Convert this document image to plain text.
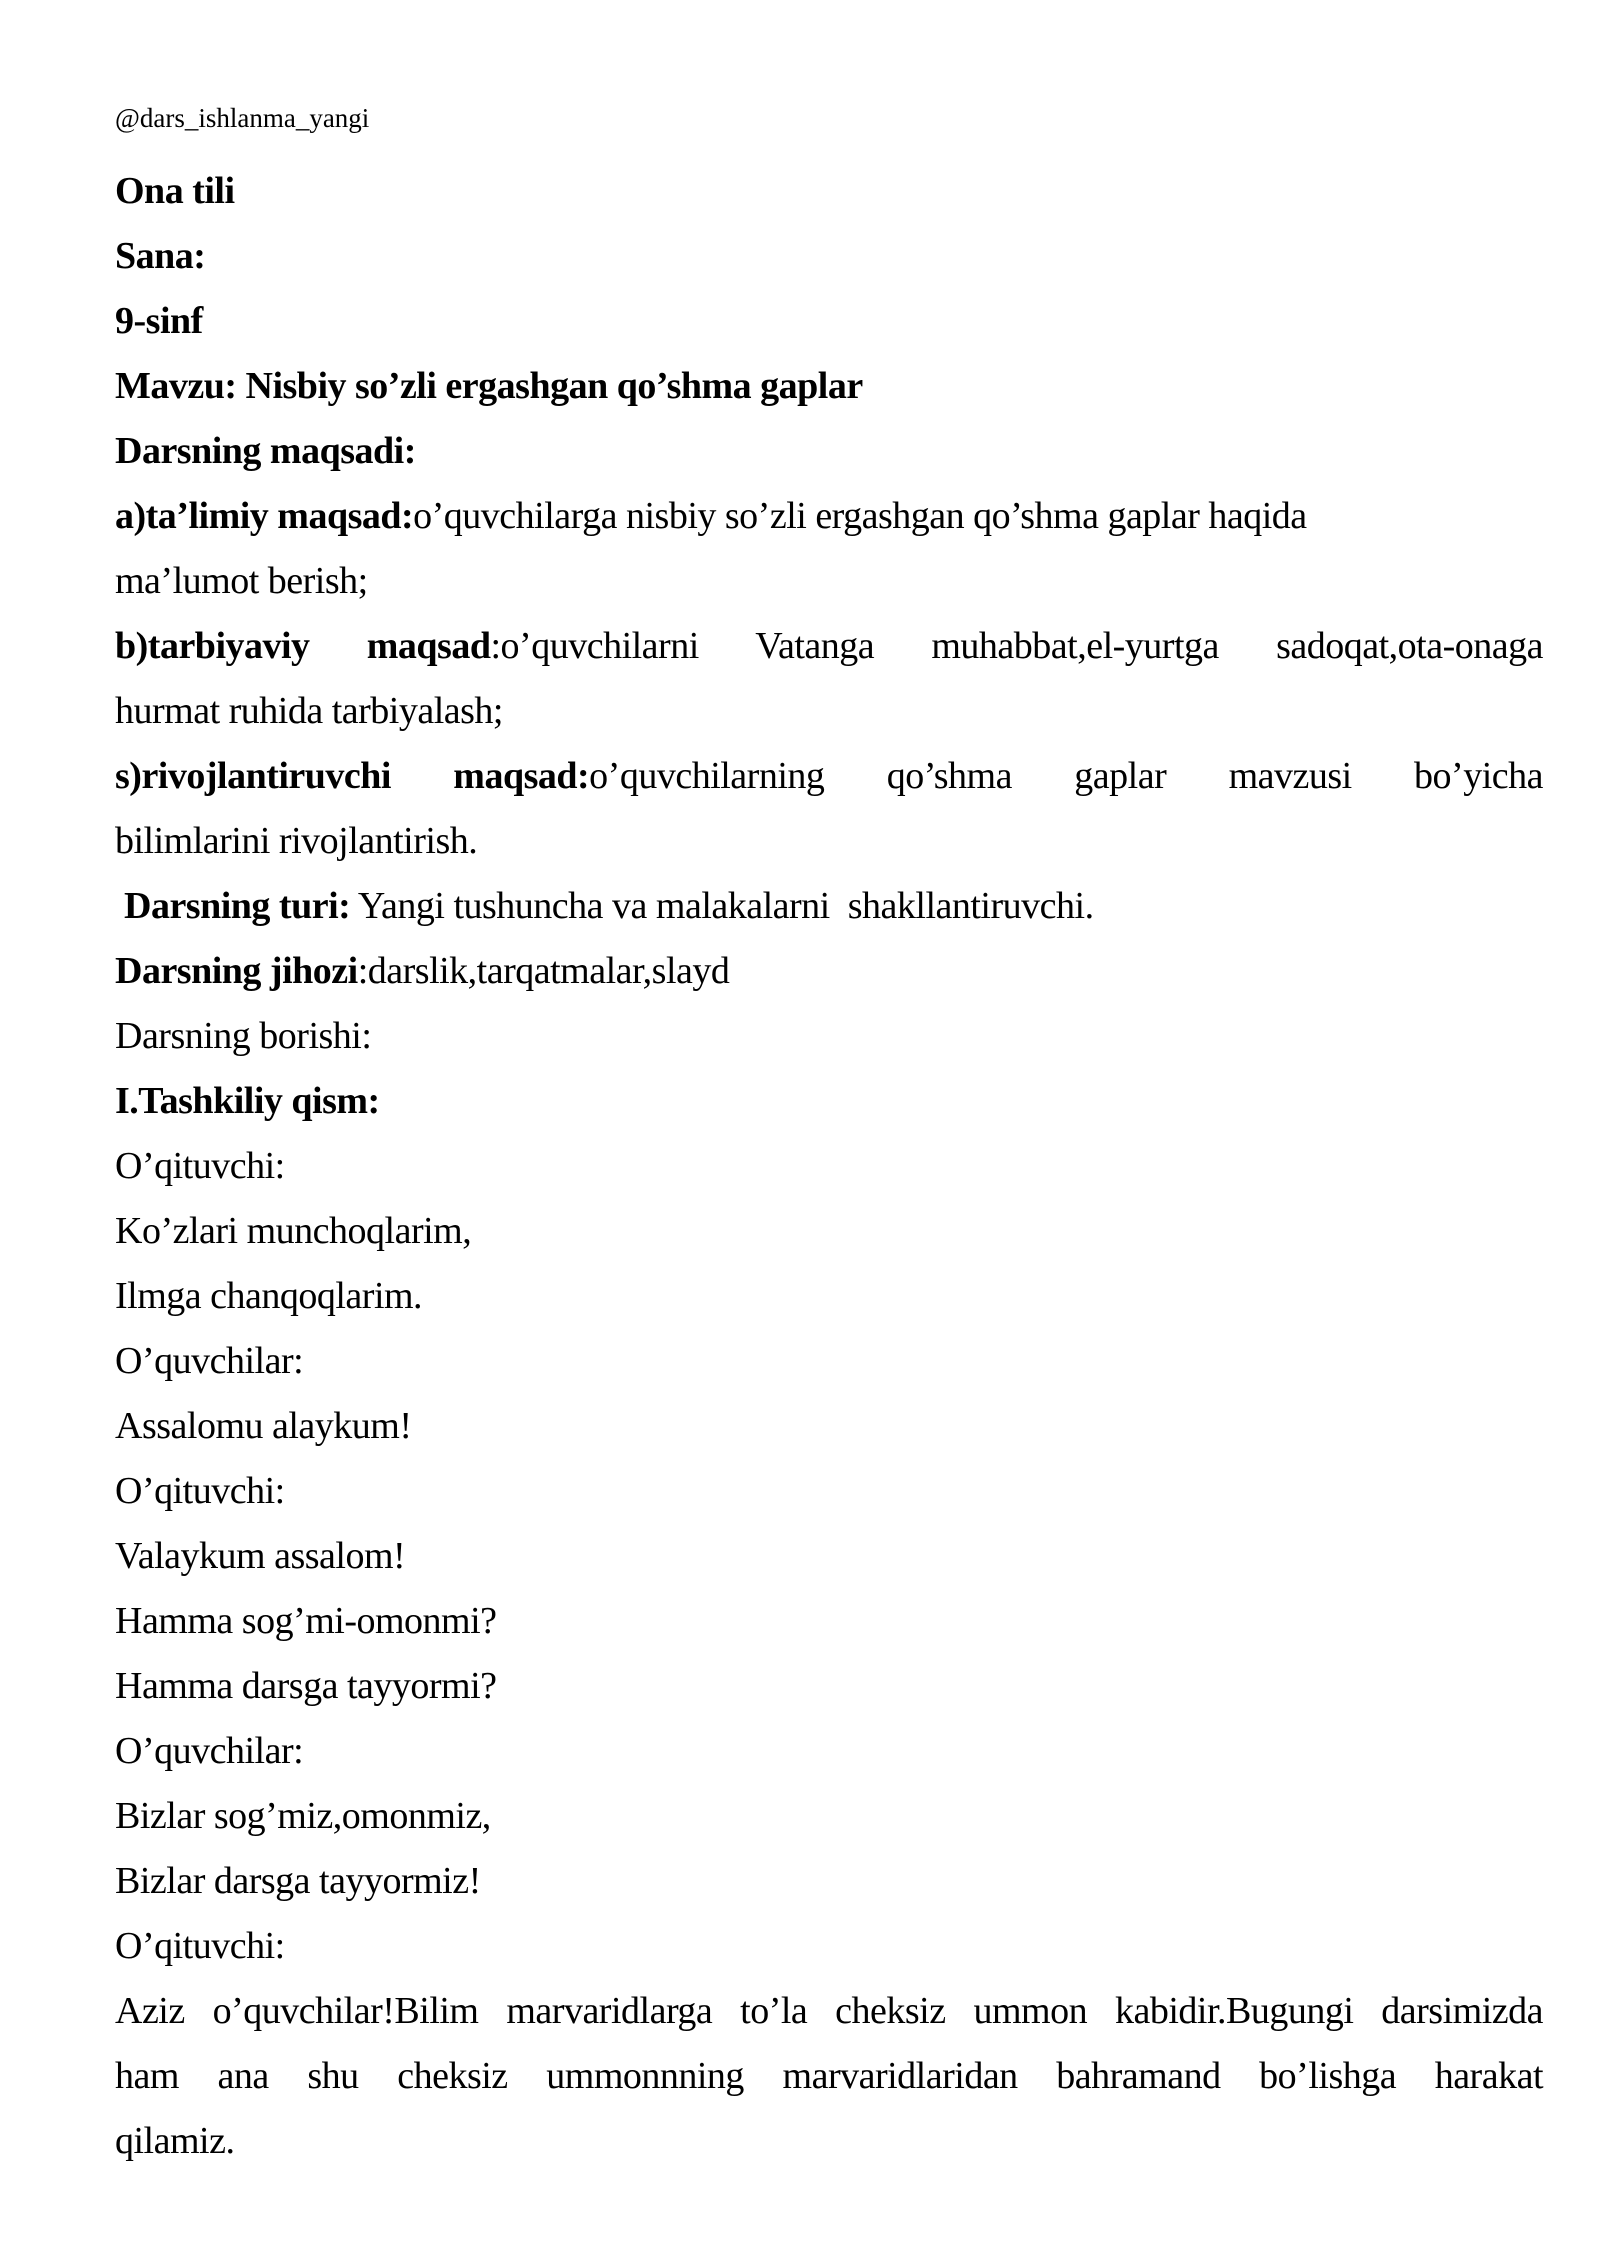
@dars_ishlanma_yangi
Ona tili
Sana:
9-sinf
Mavzu: Nisbiy so’zli ergashgan qo’shma gaplar
Darsning maqsadi:
a)ta’limiy maqsad:o’quvchilarga nisbiy so’zli ergashgan qo’shma gaplar haqida
ma’lumot berish;
b)tarbiyaviy maqsad:o’quvchilarni Vatanga muhabbat,el-yurtga sadoqat,ota-onaga
hurmat ruhida tarbiyalash;
s)rivojlantiruvchi maqsad:o’quvchilarning qo’shma gaplar mavzusi bo’yicha
bilimlarini rivojlantirish.
Darsning turi: Yangi tushuncha va malakalarni  shakllantiruvchi.
Darsning jihozi:darslik,tarqatmalar,slayd
Darsning borishi:
I.Tashkiliy qism:
O’qituvchi:
Ko’zlari munchoqlarim,
Ilmga chanqoqlarim.
O’quvchilar:
Assalomu alaykum!
O’qituvchi:
Valaykum assalom!
Hamma sog’mi-omonmi?
Hamma darsga tayyormi?
O’quvchilar:
Bizlar sog’miz,omonmiz,
Bizlar darsga tayyormiz!
O’qituvchi:
Aziz o’quvchilar!Bilim marvaridlarga to’la cheksiz ummon kabidir.Bugungi darsimizda
ham ana shu cheksiz ummonnning marvaridlaridan bahramand bo’lishga harakat
qilamiz.
